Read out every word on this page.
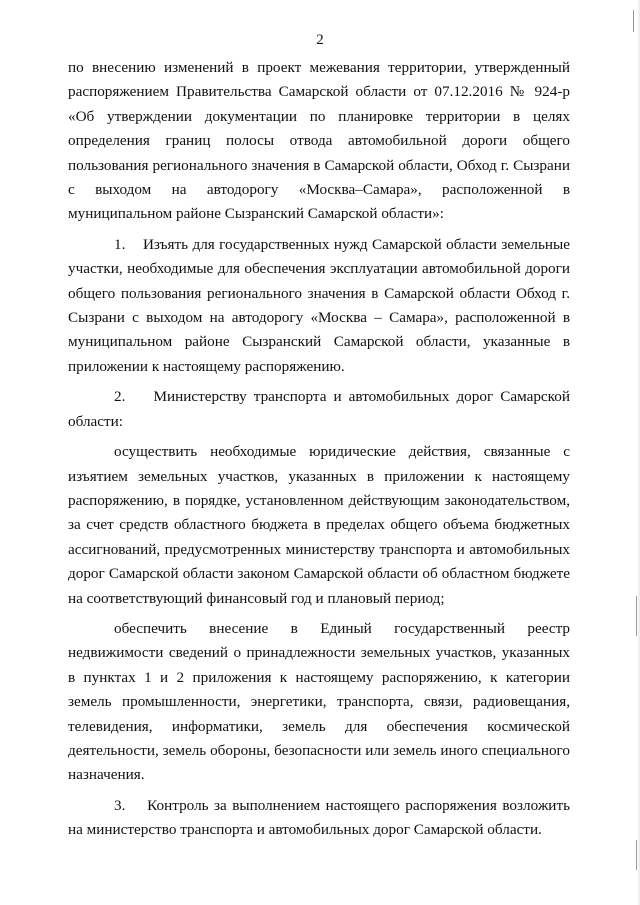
2

по внесению изменений в проект межевания территории, утвержденный распоряжением Правительства Самарской области от 07.12.2016 № 924-р «Об утверждении документации по планировке территории в целях определения границ полосы отвода автомобильной дороги общего пользования регионального значения в Самарской области, Обход г. Сызрани с выходом на автодорогу «Москва–Самара», расположенной в муниципальном районе Сызранский Самарской области»:

1. Изъять для государственных нужд Самарской области земельные участки, необходимые для обеспечения эксплуатации автомобильной дороги общего пользования регионального значения в Самарской области Обход г. Сызрани с выходом на автодорогу «Москва – Самара», расположенной в муниципальном районе Сызранский Самарской области, указанные в приложении к настоящему распоряжению.

2. Министерству транспорта и автомобильных дорог Самарской области:

осуществить необходимые юридические действия, связанные с изъятием земельных участков, указанных в приложении к настоящему распоряжению, в порядке, установленном действующим законодательством, за счет средств областного бюджета в пределах общего объема бюджетных ассигнований, предусмотренных министерству транспорта и автомобильных дорог Самарской области законом Самарской области об областном бюджете на соответствующий финансовый год и плановый период;

обеспечить внесение в Единый государственный реестр недвижимости сведений о принадлежности земельных участков, указанных в пунктах 1 и 2 приложения к настоящему распоряжению, к категории земель промышленности, энергетики, транспорта, связи, радиовещания, телевидения, информатики, земель для обеспечения космической деятельности, земель обороны, безопасности или земель иного специального назначения.

3. Контроль за выполнением настоящего распоряжения возложить на министерство транспорта и автомобильных дорог Самарской области.
